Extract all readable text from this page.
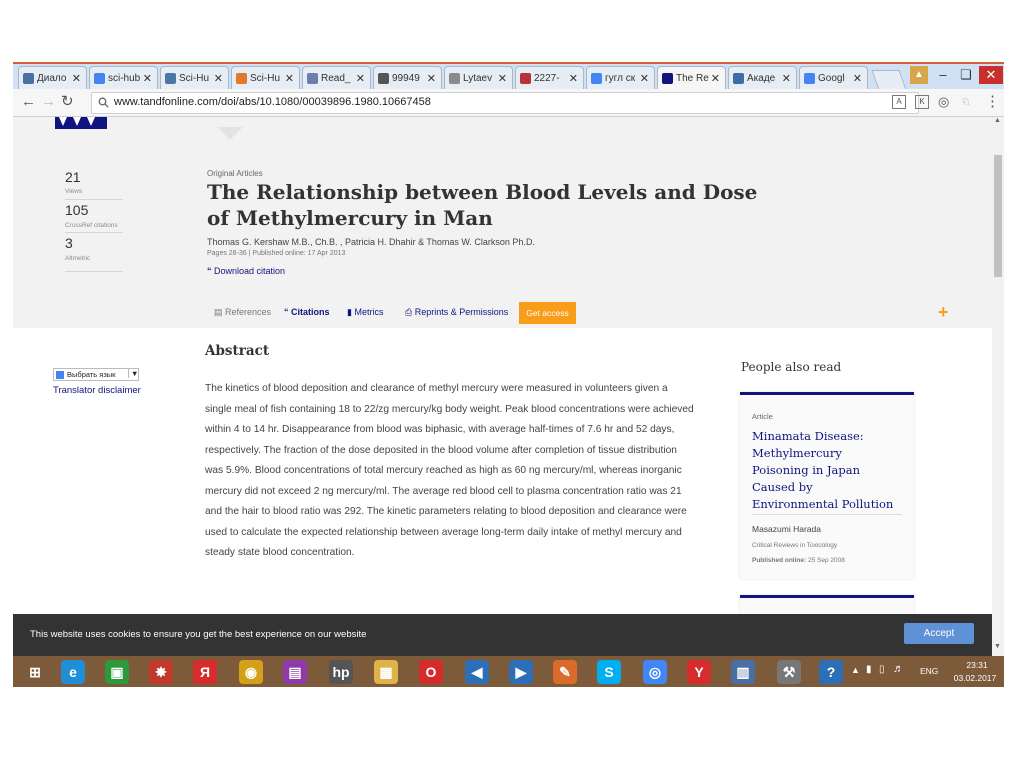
Диало ✕	sci-hub ✕	Sci-Hu ✕	Sci-Hu ✕	Read_ ✕	99949 ✕	Lytaev ✕	2227- ✕	гугл ск ✕	The Re ✕	Акаде ✕	Googl ✕	▲	–	❏	✕
← → ↻	www.tandfonline.com/doi/abs/10.1080/00039896.1980.10667458	A	K	◎ ♘ ⋮
21
Views
105
CrossRef citations
3
Altmetric
Original Articles
The Relationship between Blood Levels and Dose of Methylmercury in Man
Thomas G. Kershaw M.B., Ch.B. , Patricia H. Dhahir & Thomas W. Clarkson Ph.D.
Pages 28-36 | Published online: 17 Apr 2013
“ Download citation
▤ References “ Citations ▮ Metrics ⎙ Reprints & Permissions	Get access	+
Выбрать язык	▼
Translator disclaimer
Abstract
The kinetics of blood deposition and clearance of methyl mercury were measured in volunteers given a
single meal of fish containing 18 to 22/zg mercury/kg body weight. Peak blood concentrations were achieved
within 4 to 14 hr. Disappearance from blood was biphasic, with average half-times of 7.6 hr and 52 days,
respectively. The fraction of the dose deposited in the blood volume after completion of tissue distribution
was 5.9%. Blood concentrations of total mercury reached as high as 60 ng mercury/ml, whereas inorganic
mercury did not exceed 2 ng mercury/ml. The average red blood cell to plasma concentration ratio was 21
and the hair to blood ratio was 292. The kinetic parameters relating to blood deposition and clearance were
used to calculate the expected relationship between average long-term daily intake of methyl mercury and
steady state blood concentration.
People also read
Article
Minamata Disease: Methylmercury Poisoning in Japan Caused by Environmental Pollution
Masazumi Harada
Critical Reviews in Toxicology
Published online: 25 Sep 2008
▲
▼
This website uses cookies to ensure you get the best experience on our website	Accept
⊞	e	▣	✸	Я	◉	▤	hp	▦	O	◀	▶	✎	S	◎	Y	▥	⚒	?	▲ ▮ ▯ ♬ ENG
23:31
03.02.2017
